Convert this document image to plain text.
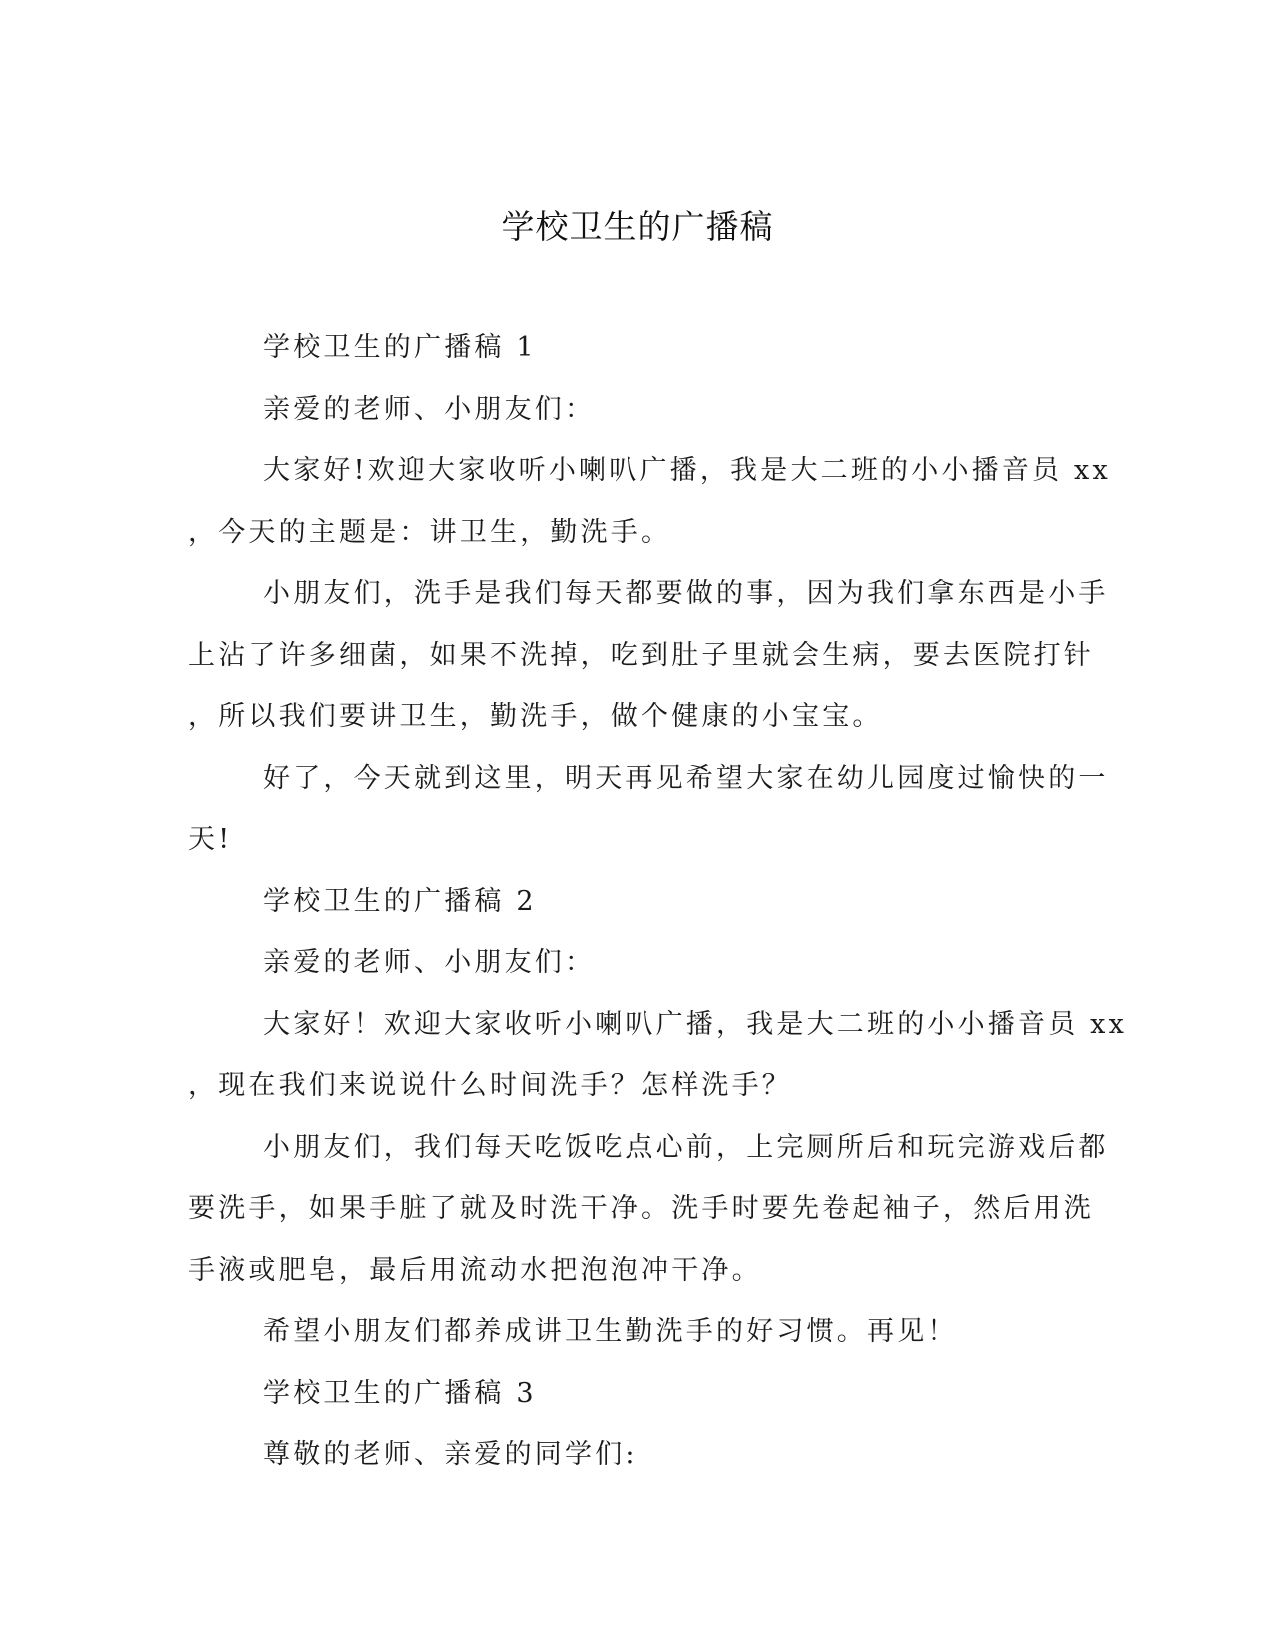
学校卫生的广播稿
学校卫生的广播稿 1
亲爱的老师、小朋友们：
大家好!欢迎大家收听小喇叭广播，我是大二班的小小播音员 xx
，今天的主题是：讲卫生，勤洗手。
小朋友们，洗手是我们每天都要做的事，因为我们拿东西是小手
上沾了许多细菌，如果不洗掉，吃到肚子里就会生病，要去医院打针
，所以我们要讲卫生，勤洗手，做个健康的小宝宝。
好了，今天就到这里，明天再见希望大家在幼儿园度过愉快的一
天!
学校卫生的广播稿 2
亲爱的老师、小朋友们：
大家好！欢迎大家收听小喇叭广播，我是大二班的小小播音员 xx
，现在我们来说说什么时间洗手？怎样洗手？
小朋友们，我们每天吃饭吃点心前，上完厕所后和玩完游戏后都
要洗手，如果手脏了就及时洗干净。洗手时要先卷起袖子，然后用洗
手液或肥皂，最后用流动水把泡泡冲干净。
希望小朋友们都养成讲卫生勤洗手的好习惯。再见！
学校卫生的广播稿 3
尊敬的老师、亲爱的同学们:
